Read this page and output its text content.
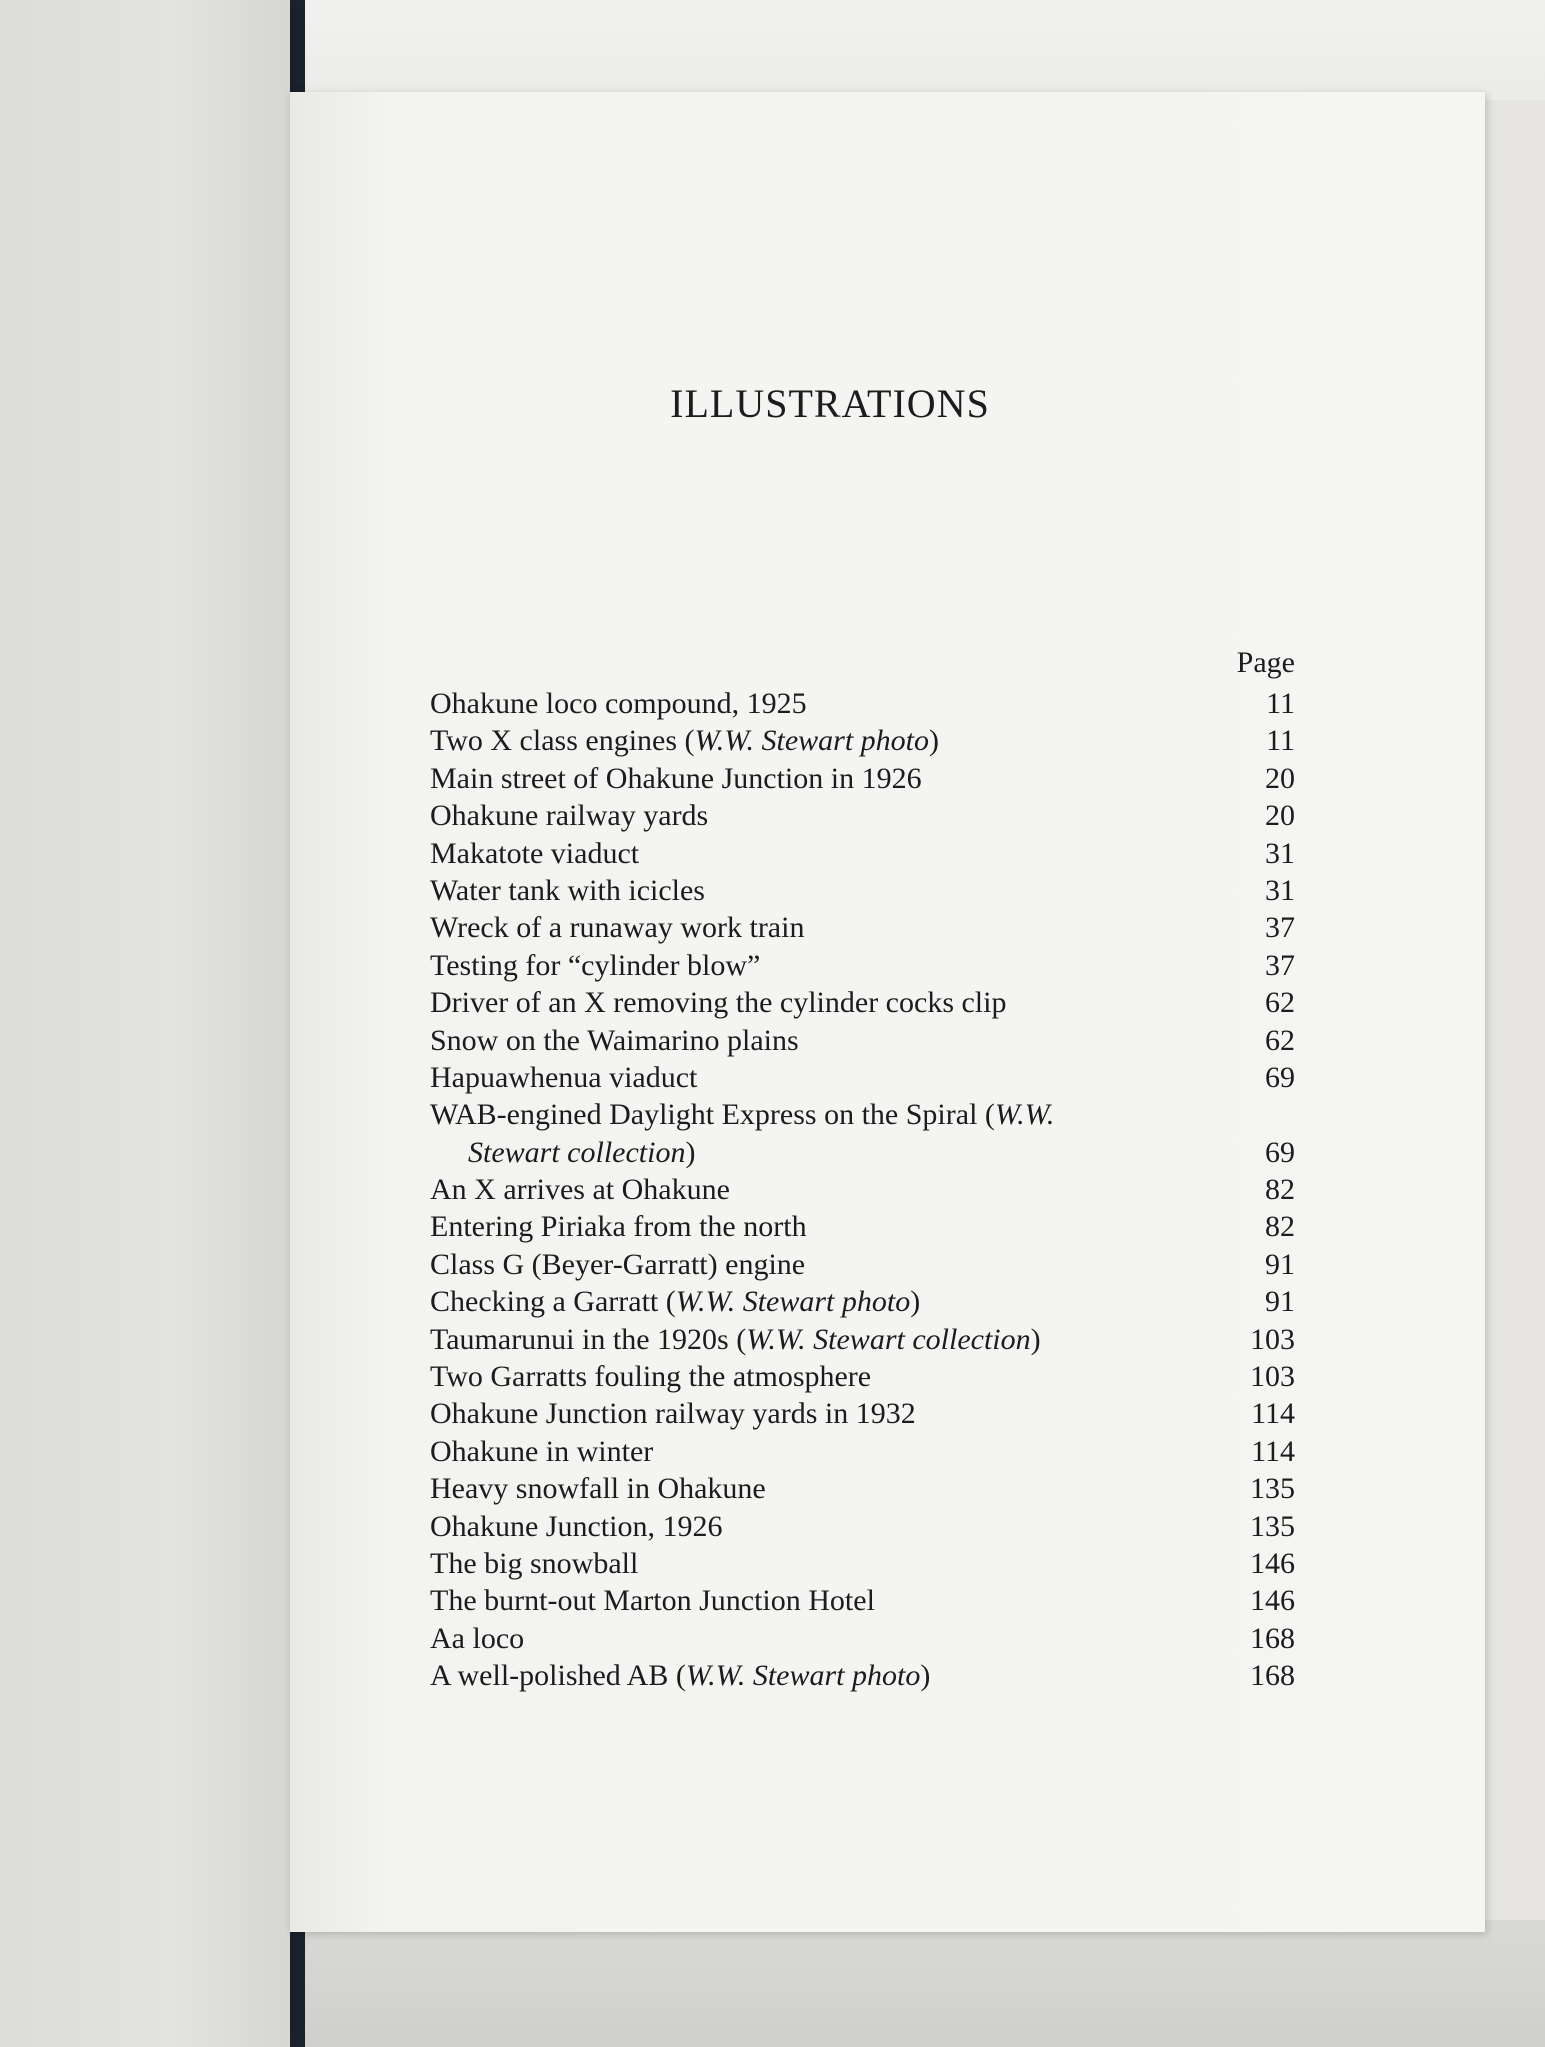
ILLUSTRATIONS
Page
Ohakune loco compound, 1925	11
Two X class engines (W.W. Stewart photo)	11
Main street of Ohakune Junction in 1926	20
Ohakune railway yards	20
Makatote viaduct	31
Water tank with icicles	31
Wreck of a runaway work train	37
Testing for “cylinder blow”	37
Driver of an X removing the cylinder cocks clip	62
Snow on the Waimarino plains	62
Hapuawhenua viaduct	69
WAB-engined Daylight Express on the Spiral (W.W.
Stewart collection)	69
An X arrives at Ohakune	82
Entering Piriaka from the north	82
Class G (Beyer-Garratt) engine	91
Checking a Garratt (W.W. Stewart photo)	91
Taumarunui in the 1920s (W.W. Stewart collection)	103
Two Garratts fouling the atmosphere	103
Ohakune Junction railway yards in 1932	114
Ohakune in winter	114
Heavy snowfall in Ohakune	135
Ohakune Junction, 1926	135
The big snowball	146
The burnt-out Marton Junction Hotel	146
Aa loco	168
A well-polished AB (W.W. Stewart photo)	168
